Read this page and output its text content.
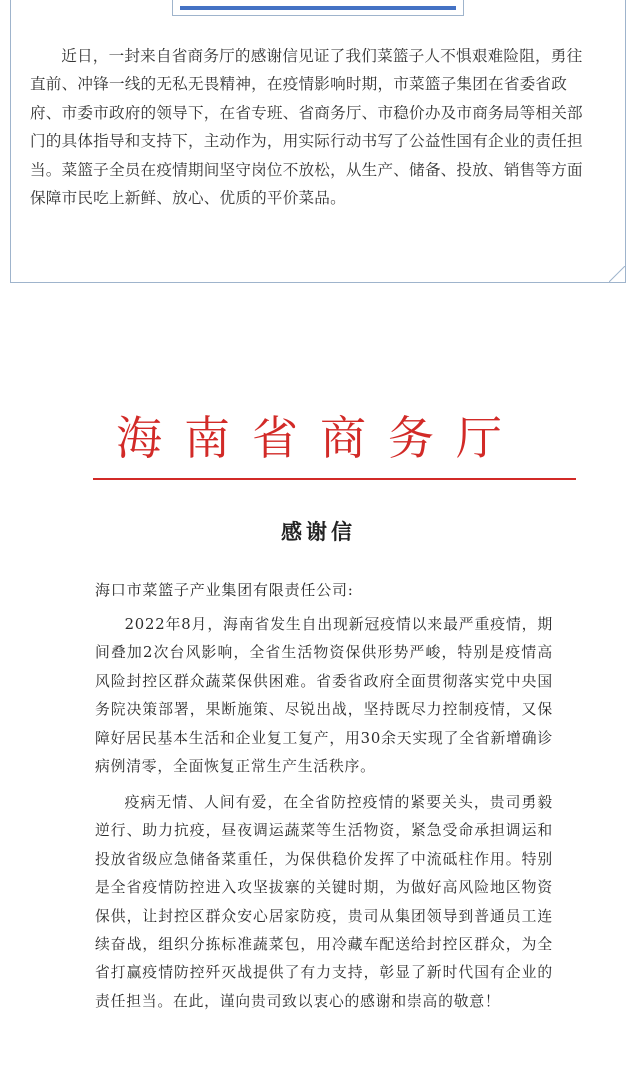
近日，一封来自省商务厅的感谢信见证了我们菜篮子人不惧艰难险阻，勇往直前、冲锋一线的无私无畏精神，在疫情影响时期，市菜篮子集团在省委省政府、市委市政府的领导下，在省专班、省商务厅、市稳价办及市商务局等相关部门的具体指导和支持下，主动作为，用实际行动书写了公益性国有企业的责任担当。菜篮子全员在疫情期间坚守岗位不放松，从生产、储备、投放、销售等方面保障市民吃上新鲜、放心、优质的平价菜品。

海南省商务厅
感谢信

海口市菜篮子产业集团有限责任公司:

2022年8月，海南省发生自出现新冠疫情以来最严重疫情，期间叠加2次台风影响，全省生活物资保供形势严峻，特别是疫情高风险封控区群众蔬菜保供困难。省委省政府全面贯彻落实党中央国务院决策部署，果断施策、尽锐出战，坚持既尽力控制疫情，又保障好居民基本生活和企业复工复产，用30余天实现了全省新增确诊病例清零，全面恢复正常生产生活秩序。

疫病无情、人间有爱，在全省防控疫情的紧要关头，贵司勇毅逆行、助力抗疫，昼夜调运蔬菜等生活物资，紧急受命承担调运和投放省级应急储备菜重任，为保供稳价发挥了中流砥柱作用。特别是全省疫情防控进入攻坚拔寨的关键时期，为做好高风险地区物资保供，让封控区群众安心居家防疫，贵司从集团领导到普通员工连续奋战，组织分拣标准蔬菜包，用冷藏车配送给封控区群众，为全省打赢疫情防控歼灭战提供了有力支持，彰显了新时代国有企业的责任担当。在此，谨向贵司致以衷心的感谢和崇高的敬意！
